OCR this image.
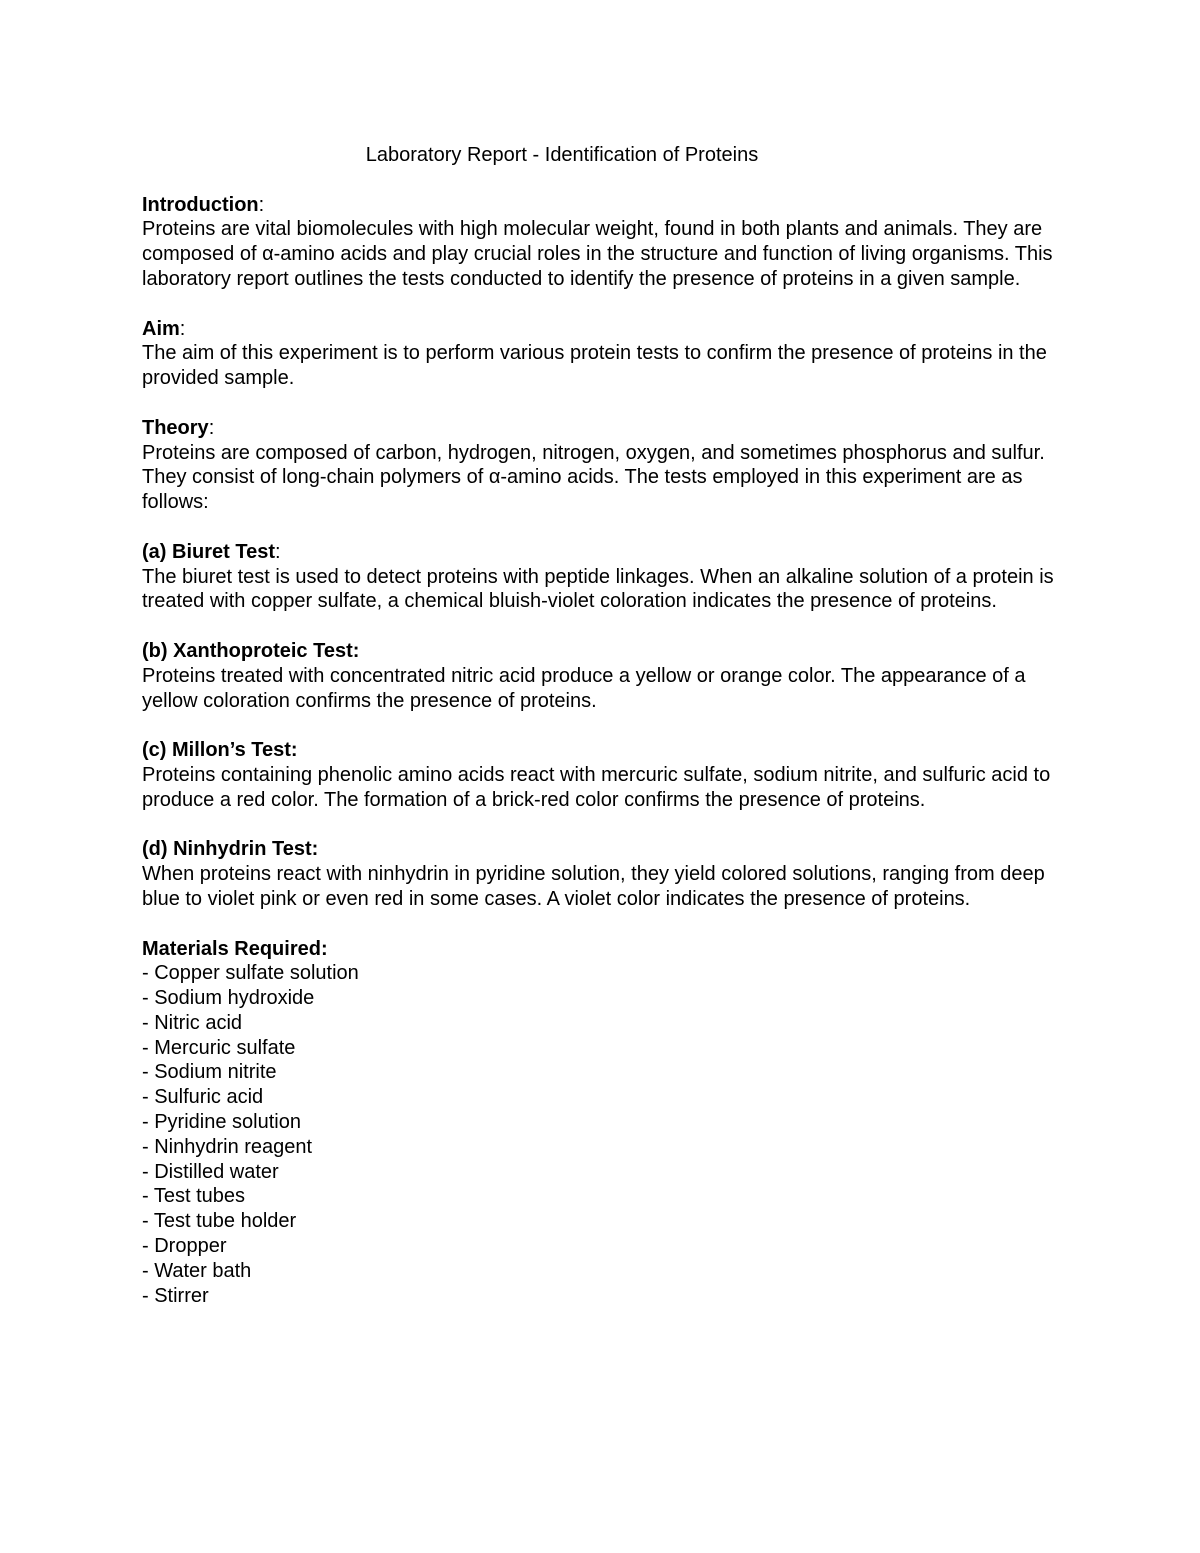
Laboratory Report - Identification of Proteins
Introduction:

Proteins are vital biomolecules with high molecular weight, found in both plants and animals. They are composed of α-amino acids and play crucial roles in the structure and function of living organisms. This laboratory report outlines the tests conducted to identify the presence of proteins in a given sample.

Aim:

The aim of this experiment is to perform various protein tests to confirm the presence of proteins in the provided sample.

Theory:

Proteins are composed of carbon, hydrogen, nitrogen, oxygen, and sometimes phosphorus and sulfur. They consist of long-chain polymers of α-amino acids. The tests employed in this experiment are as follows:

(a) Biuret Test:

The biuret test is used to detect proteins with peptide linkages. When an alkaline solution of a protein is treated with copper sulfate, a chemical bluish-violet coloration indicates the presence of proteins.

(b) Xanthoproteic Test:

Proteins treated with concentrated nitric acid produce a yellow or orange color. The appearance of a yellow coloration confirms the presence of proteins.

(c) Millon’s Test:

Proteins containing phenolic amino acids react with mercuric sulfate, sodium nitrite, and sulfuric acid to produce a red color. The formation of a brick-red color confirms the presence of proteins.

(d) Ninhydrin Test:

When proteins react with ninhydrin in pyridine solution, they yield colored solutions, ranging from deep blue to violet pink or even red in some cases. A violet color indicates the presence of proteins.

Materials Required:
- Copper sulfate solution
- Sodium hydroxide
- Nitric acid
- Mercuric sulfate
- Sodium nitrite
- Sulfuric acid
- Pyridine solution
- Ninhydrin reagent
- Distilled water
- Test tubes
- Test tube holder
- Dropper
- Water bath
- Stirrer
